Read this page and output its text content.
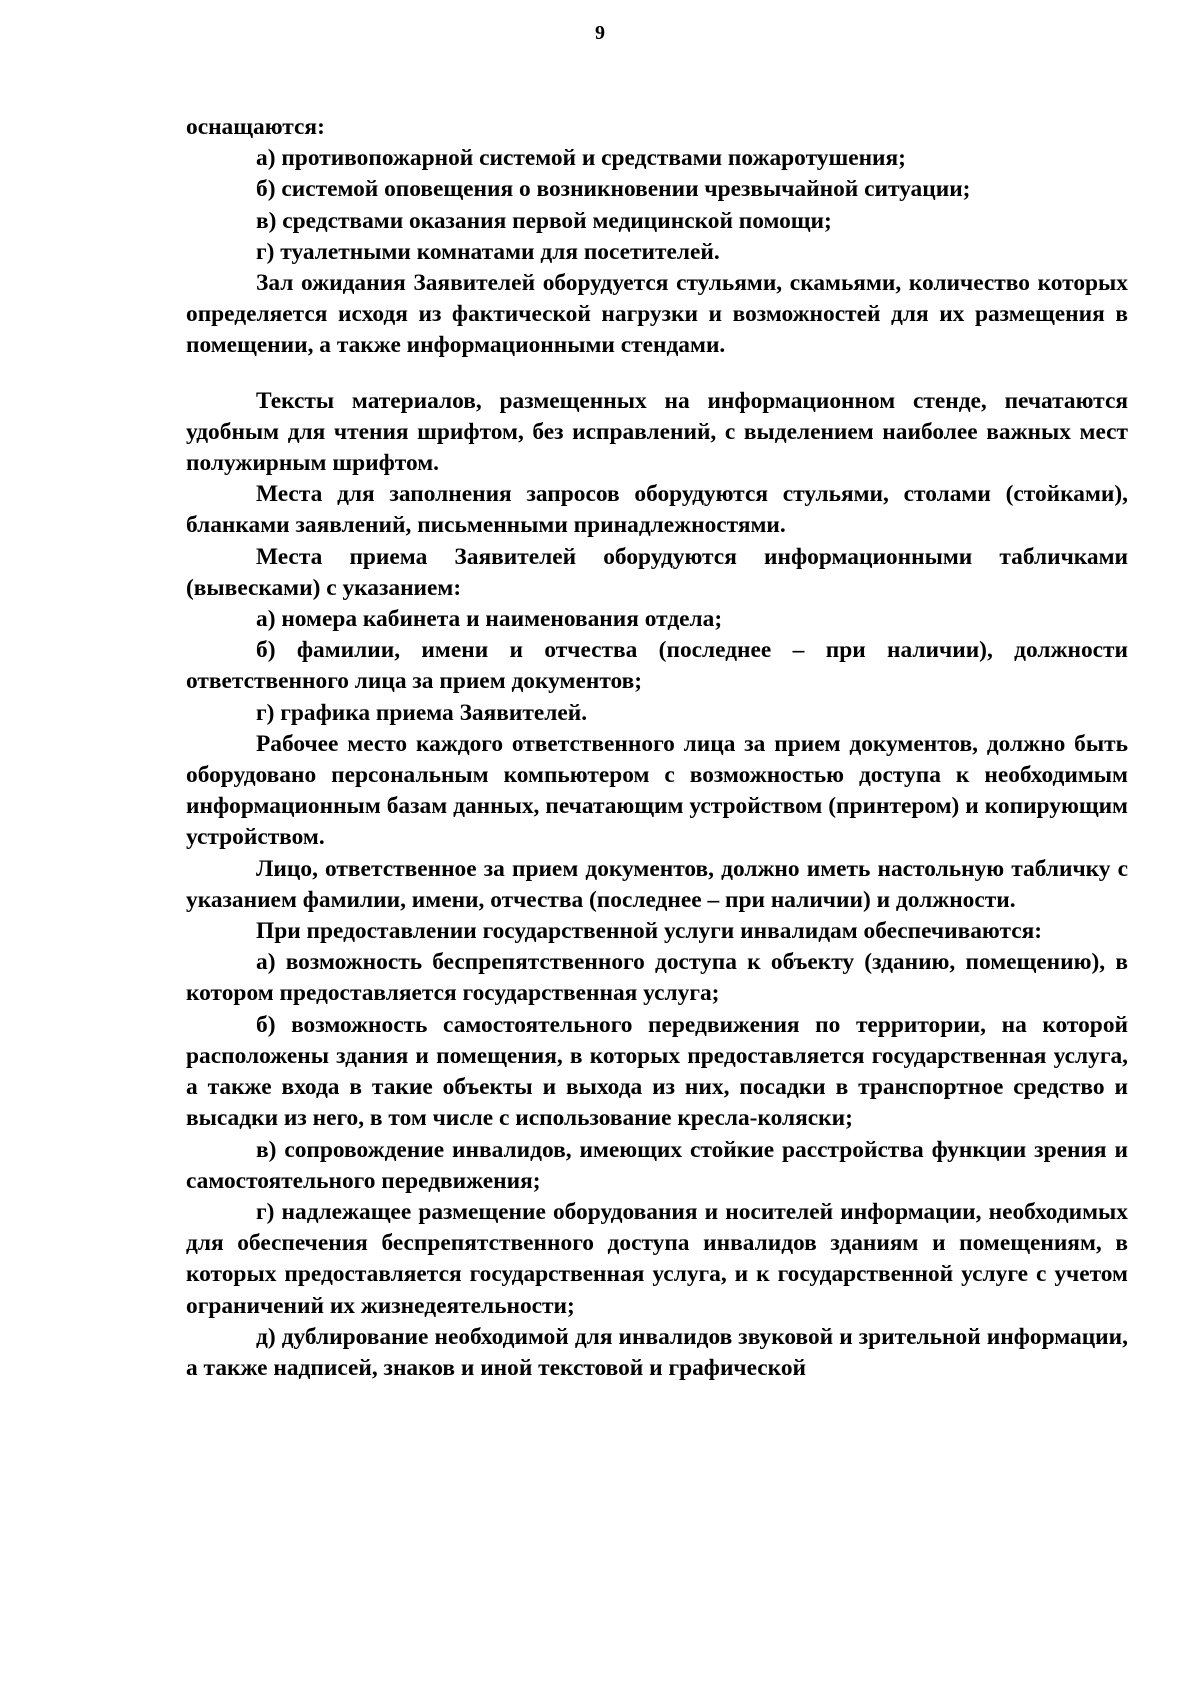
9

оснащаются:

а) противопожарной системой и средствами пожаротушения;

б) системой оповещения о возникновении чрезвычайной ситуации;

в) средствами оказания первой медицинской помощи;

г) туалетными комнатами для посетителей.

Зал ожидания Заявителей оборудуется стульями, скамьями, количество которых определяется исходя из фактической нагрузки и возможностей для их размещения в помещении, а также информационными стендами.

Тексты материалов, размещенных на информационном стенде, печатаются удобным для чтения шрифтом, без исправлений, с выделением наиболее важных мест полужирным шрифтом.

Места для заполнения запросов оборудуются стульями, столами (стойками), бланками заявлений, письменными принадлежностями.

Места приема Заявителей оборудуются информационными табличками (вывесками) с указанием:

а) номера кабинета и наименования отдела;

б) фамилии, имени и отчества (последнее – при наличии), должности ответственного лица за прием документов;

г) графика приема Заявителей.

Рабочее место каждого ответственного лица за прием документов, должно быть оборудовано персональным компьютером с возможностью доступа к необходимым информационным базам данных, печатающим устройством (принтером) и копирующим устройством.

Лицо, ответственное за прием документов, должно иметь настольную табличку с указанием фамилии, имени, отчества (последнее – при наличии) и должности.

При предоставлении государственной услуги инвалидам обеспечиваются:

а) возможность беспрепятственного доступа к объекту (зданию, помещению), в котором предоставляется государственная услуга;

б) возможность самостоятельного передвижения по территории, на которой расположены здания и помещения, в которых предоставляется государственная услуга, а также входа в такие объекты и выхода из них, посадки в транспортное средство и высадки из него, в том числе с использование кресла-коляски;

в) сопровождение инвалидов, имеющих стойкие расстройства функции зрения и самостоятельного передвижения;

г) надлежащее размещение оборудования и носителей информации, необходимых для обеспечения беспрепятственного доступа инвалидов зданиям и помещениям, в которых предоставляется государственная услуга, и к государственной услуге с учетом ограничений их жизнедеятельности;

д) дублирование необходимой для инвалидов звуковой и зрительной информации, а также надписей, знаков и иной текстовой и графической
